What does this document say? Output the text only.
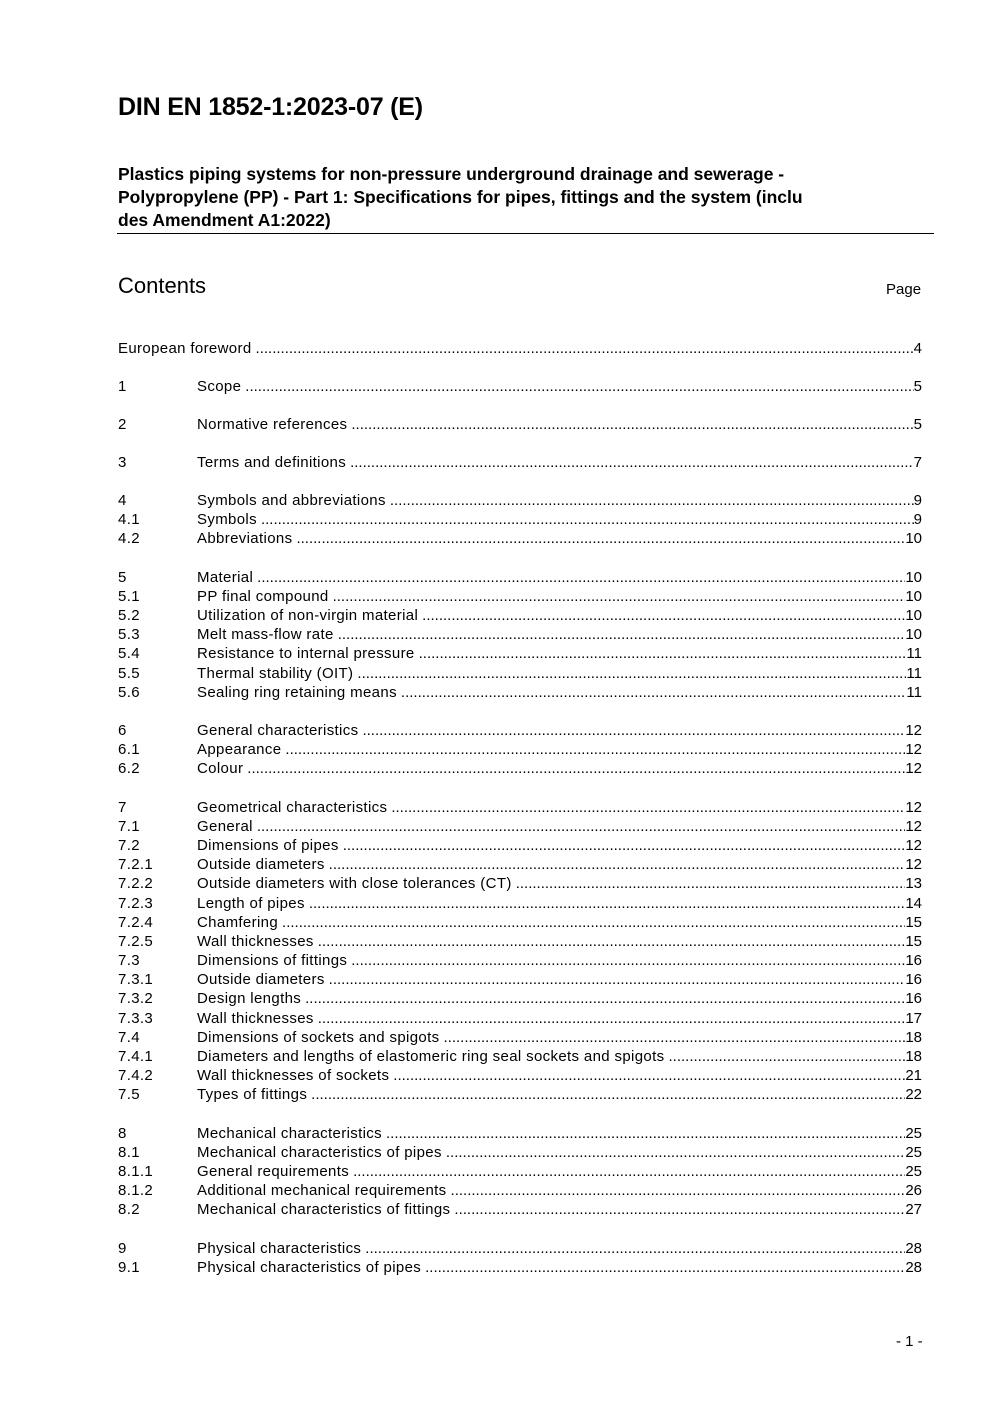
DIN EN 1852-1:2023-07 (E)
Plastics piping systems for non-pressure underground drainage and sewerage -
Polypropylene (PP) - Part 1: Specifications for pipes, fittings and the system (inclu
des Amendment A1:2022)
Contents	Page
European foreword .....	4
1	Scope .....	5
2	Normative references .....	5
3	Terms and definitions .....	7
4	Symbols and abbreviations .....	9
4.1	Symbols .....	9
4.2	Abbreviations .....	10
5	Material .....	10
5.1	PP final compound .....	10
5.2	Utilization of non-virgin material .....	10
5.3	Melt mass-flow rate .....	10
5.4	Resistance to internal pressure .....	11
5.5	Thermal stability (OIT) .....	11
5.6	Sealing ring retaining means .....	11
6	General characteristics .....	12
6.1	Appearance .....	12
6.2	Colour .....	12
7	Geometrical characteristics .....	12
7.1	General .....	12
7.2	Dimensions of pipes .....	12
7.2.1	Outside diameters .....	12
7.2.2	Outside diameters with close tolerances (CT) .....	13
7.2.3	Length of pipes .....	14
7.2.4	Chamfering .....	15
7.2.5	Wall thicknesses .....	15
7.3	Dimensions of fittings .....	16
7.3.1	Outside diameters .....	16
7.3.2	Design lengths .....	16
7.3.3	Wall thicknesses .....	17
7.4	Dimensions of sockets and spigots .....	18
7.4.1	Diameters and lengths of elastomeric ring seal sockets and spigots .....	18
7.4.2	Wall thicknesses of sockets .....	21
7.5	Types of fittings .....	22
8	Mechanical characteristics .....	25
8.1	Mechanical characteristics of pipes .....	25
8.1.1	General requirements .....	25
8.1.2	Additional mechanical requirements .....	26
8.2	Mechanical characteristics of fittings .....	27
9	Physical characteristics .....	28
9.1	Physical characteristics of pipes .....	28
- 1 -
